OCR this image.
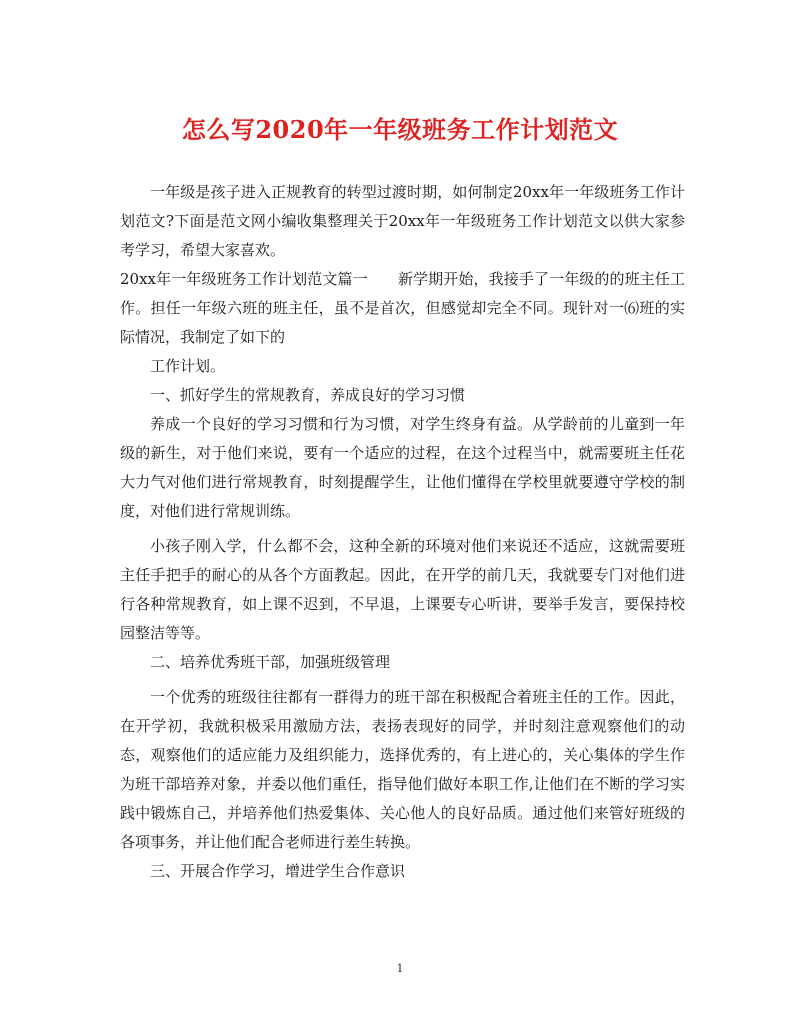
怎么写2020年一年级班务工作计划范文

一年级是孩子进入正规教育的转型过渡时期，如何制定20xx年一年级班务工作计划范文?下面是范文网小编收集整理关于20xx年一年级班务工作计划范文以供大家参考学习，希望大家喜欢。

20xx年一年级班务工作计划范文篇一　　新学期开始，我接手了一年级的的班主任工作。担任一年级六班的班主任，虽不是首次，但感觉却完全不同。现针对一⑹班的实际情况，我制定了如下的

工作计划。

一、抓好学生的常规教育，养成良好的学习习惯

养成一个良好的学习习惯和行为习惯，对学生终身有益。从学龄前的儿童到一年级的新生，对于他们来说，要有一个适应的过程，在这个过程当中，就需要班主任花大力气对他们进行常规教育，时刻提醒学生，让他们懂得在学校里就要遵守学校的制度，对他们进行常规训练。

小孩子刚入学，什么都不会，这种全新的环境对他们来说还不适应，这就需要班主任手把手的耐心的从各个方面教起。因此，在开学的前几天，我就要专门对他们进行各种常规教育，如上课不迟到，不早退，上课要专心听讲，要举手发言，要保持校园整洁等等。

二、培养优秀班干部，加强班级管理

一个优秀的班级往往都有一群得力的班干部在积极配合着班主任的工作。因此，在开学初，我就积极采用激励方法，表扬表现好的同学，并时刻注意观察他们的动态，观察他们的适应能力及组织能力，选择优秀的，有上进心的，关心集体的学生作为班干部培养对象，并委以他们重任，指导他们做好本职工作,让他们在不断的学习实践中锻炼自己，并培养他们热爱集体、关心他人的良好品质。通过他们来管好班级的各项事务，并让他们配合老师进行差生转换。

三、开展合作学习，增进学生合作意识

1
